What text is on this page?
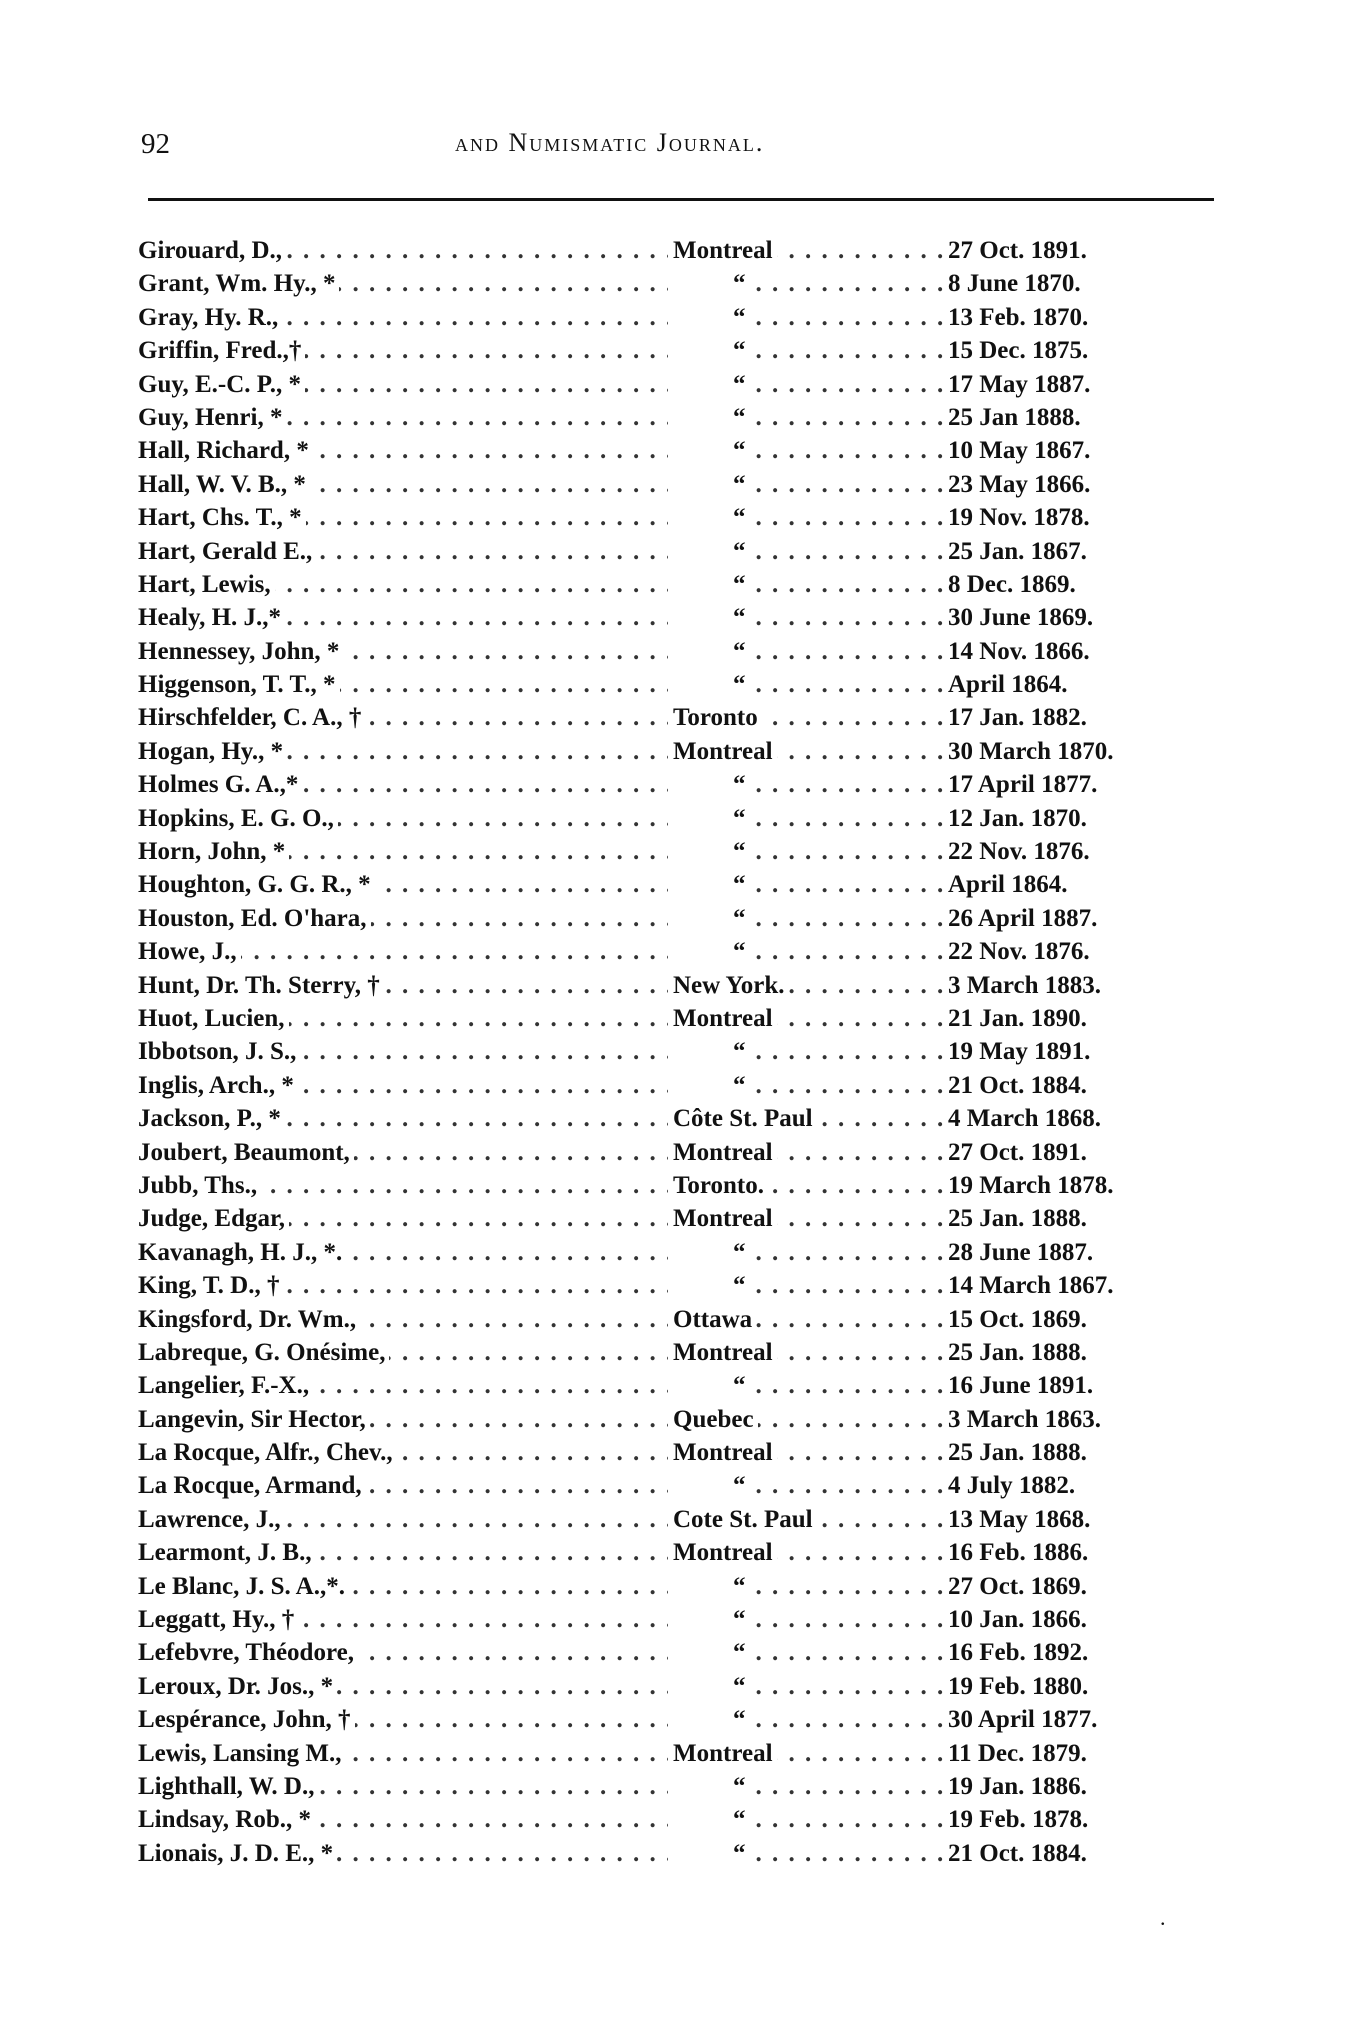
92	and Numismatic Journal.
Girouard, D., . . .	Montreal . . .	27 Oct. 1891.
Grant, Wm. Hy., * . . .	“ . . .	8 June 1870.
Gray, Hy. R., . . .	“ . . .	13 Feb. 1870.
Griffin, Fred.,† . . .	“ . . .	15 Dec. 1875.
Guy, E.-C. P., * . . .	“ . . .	17 May 1887.
Guy, Henri, * . . .	“ . . .	25 Jan 1888.
Hall, Richard, * . . .	“ . . .	10 May 1867.
Hall, W. V. B., * . . .	“ . . .	23 May 1866.
Hart, Chs. T., * . . .	“ . . .	19 Nov. 1878.
Hart, Gerald E., . . .	“ . . .	25 Jan. 1867.
Hart, Lewis, . . .	“ . . .	8 Dec. 1869.
Healy, H. J.,* . . .	“ . . .	30 June 1869.
Hennessey, John, * . . .	“ . . .	14 Nov. 1866.
Higgenson, T. T., * . . .	“ . . .	April 1864.
Hirschfelder, C. A., † . . .	Toronto . . .	17 Jan. 1882.
Hogan, Hy., * . . .	Montreal . . .	30 March 1870.
Holmes G. A.,* . . .	“ . . .	17 April 1877.
Hopkins, E. G. O., . . .	“ . . .	12 Jan. 1870.
Horn, John, * . . .	“ . . .	22 Nov. 1876.
Houghton, G. G. R., * . . .	“ . . .	April 1864.
Houston, Ed. O'hara, . . .	“ . . .	26 April 1887.
Howe, J., . . .	“ . . .	22 Nov. 1876.
Hunt, Dr. Th. Sterry, † . . .	New York. . . .	3 March 1883.
Huot, Lucien, . . .	Montreal . . .	21 Jan. 1890.
Ibbotson, J. S., . . .	“ . . .	19 May 1891.
Inglis, Arch., * . . .	“ . . .	21 Oct. 1884.
Jackson, P., * . . .	Côte St. Paul . . .	4 March 1868.
Joubert, Beaumont, . . .	Montreal . . .	27 Oct. 1891.
Jubb, Ths., . . .	Toronto. . . .	19 March 1878.
Judge, Edgar, . . .	Montreal . . .	25 Jan. 1888.
Kavanagh, H. J., *. . . .	“ . . .	28 June 1887.
King, T. D., † . . .	“ . . .	14 March 1867.
Kingsford, Dr. Wm., . . .	Ottawa . . .	15 Oct. 1869.
Labreque, G. Onésime, . . .	Montreal . . .	25 Jan. 1888.
Langelier, F.-X., . . .	“ . . .	16 June 1891.
Langevin, Sir Hector, . . .	Quebec . . .	3 March 1863.
La Rocque, Alfr., Chev., . . .	Montreal . . .	25 Jan. 1888.
La Rocque, Armand, . . .	“ . . .	4 July 1882.
Lawrence, J., . . .	Cote St. Paul . . .	13 May 1868.
Learmont, J. B., . . .	Montreal . . .	16 Feb. 1886.
Le Blanc, J. S. A.,*. . . .	“ . . .	27 Oct. 1869.
Leggatt, Hy., † . . .	“ . . .	10 Jan. 1866.
Lefebvre, Théodore, . . .	“ . . .	16 Feb. 1892.
Leroux, Dr. Jos., * . . .	“ . . .	19 Feb. 1880.
Lespérance, John, † . . .	“ . . .	30 April 1877.
Lewis, Lansing M., . . .	Montreal . . .	11 Dec. 1879.
Lighthall, W. D., . . .	“ . . .	19 Jan. 1886.
Lindsay, Rob., * . . .	“ . . .	19 Feb. 1878.
Lionais, J. D. E., * . . .	“ . . .	21 Oct. 1884.
.
